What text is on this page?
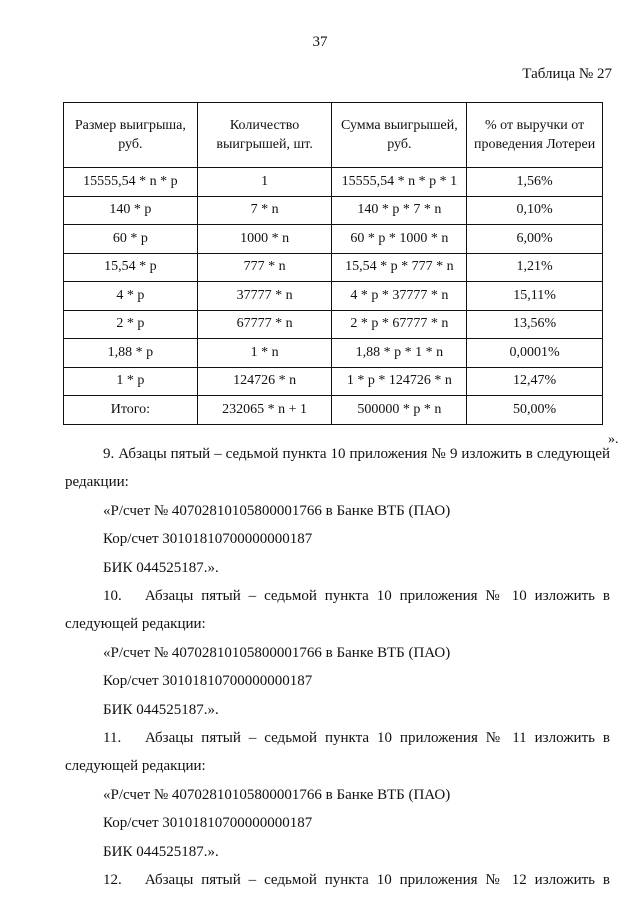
37
Таблица № 27
Размер выигрыша, руб.	Количество выигрышей, шт.	Сумма выигрышей, руб.	% от выручки от проведения Лотереи
15555,54 * n * p	1	15555,54 * n * p * 1	1,56%
140 * p	7 * n	140 * p * 7 * n	0,10%
60 * p	1000 * n	60 * p * 1000 * n	6,00%
15,54 * p	777 * n	15,54 * p * 777 * n	1,21%
4 * p	37777 * n	4 * p * 37777 * n	15,11%
2 * p	67777 * n	2 * p * 67777 * n	13,56%
1,88 * p	1 * n	1,88 * p * 1 * n	0,0001%
1 * p	124726 * n	1 * p * 124726 * n	12,47%
Итого:	232065 * n + 1	500000 * p * n	50,00%
».

9. Абзацы пятый – седьмой пункта 10 приложения № 9 изложить в следующей

редакции:

«Р/счет № 40702810105800001766 в Банке ВТБ (ПАО)

Кор/счет 30101810700000000187

БИК 044525187.».

10. Абзацы пятый – седьмой пункта 10 приложения № 10 изложить в

следующей редакции:

«Р/счет № 40702810105800001766 в Банке ВТБ (ПАО)

Кор/счет 30101810700000000187

БИК 044525187.».

11. Абзацы пятый – седьмой пункта 10 приложения № 11 изложить в

следующей редакции:

«Р/счет № 40702810105800001766 в Банке ВТБ (ПАО)

Кор/счет 30101810700000000187

БИК 044525187.».

12. Абзацы пятый – седьмой пункта 10 приложения № 12 изложить в
